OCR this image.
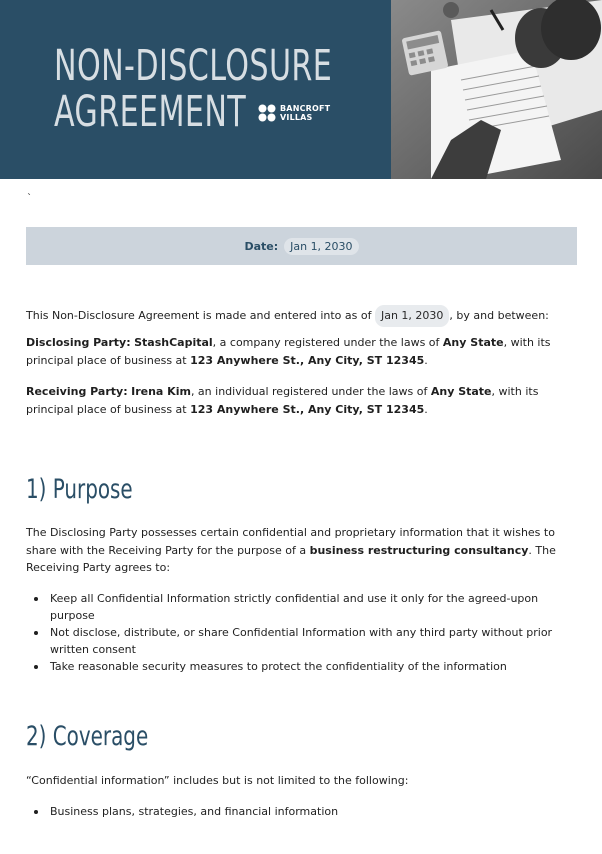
NON-DISCLOSURE
AGREEMENT	BANCROFT
VILLAS
`
Date:	Jan 1, 2030

This Non-Disclosure Agreement is made and entered into as of Jan 1, 2030 , by and between:

Disclosing Party: StashCapital, a company registered under the laws of Any State, with its principal place of business at 123 Anywhere St., Any City, ST 12345.

Receiving Party: Irena Kim, an individual registered under the laws of Any State, with its principal place of business at 123 Anywhere St., Any City, ST 12345.

1) Purpose

The Disclosing Party possesses certain confidential and proprietary information that it wishes to share with the Receiving Party for the purpose of a business restructuring consultancy. The Receiving Party agrees to:

Keep all Confidential Information strictly confidential and use it only for the agreed-upon purpose
Not disclose, distribute, or share Confidential Information with any third party without prior written consent
Take reasonable security measures to protect the confidentiality of the information
2) Coverage

“Confidential information” includes but is not limited to the following:

Business plans, strategies, and financial information
